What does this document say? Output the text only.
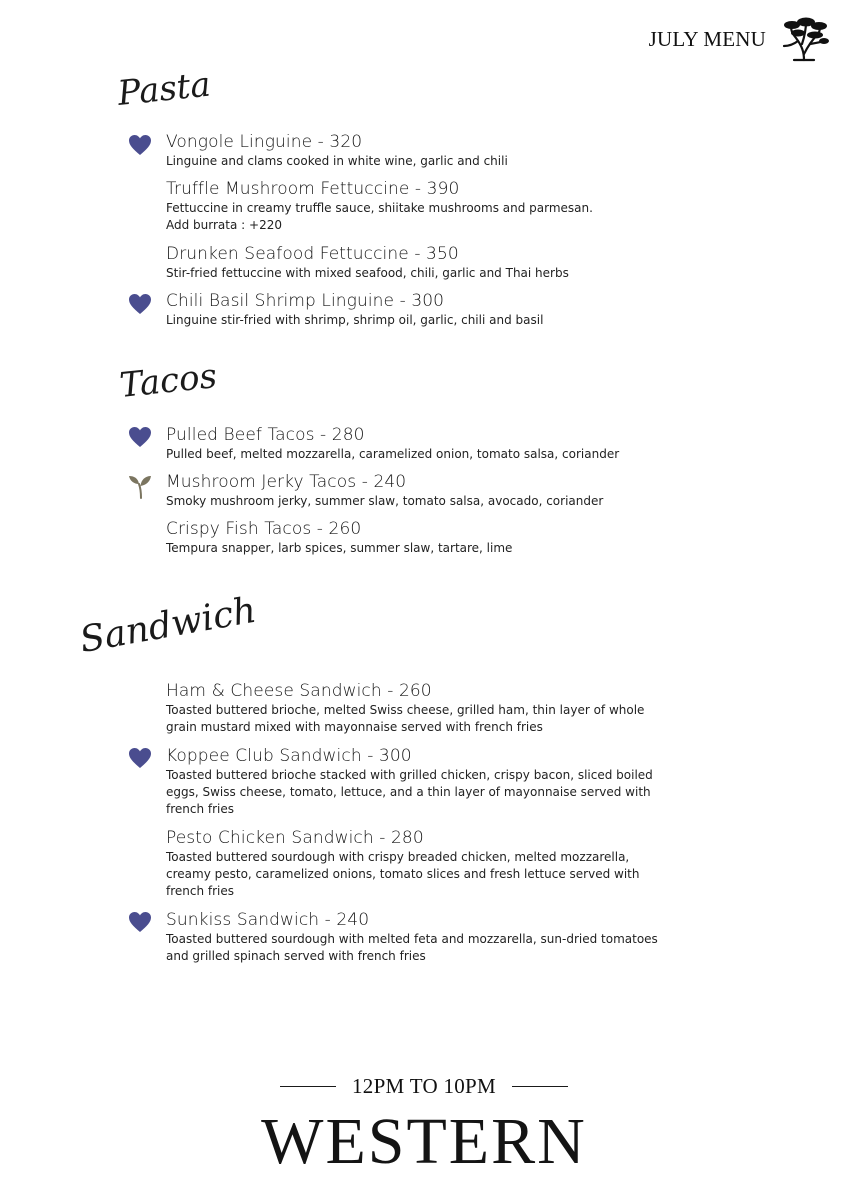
JULY MENU
Pasta
Vongole Linguine - 320
Linguine and clams cooked in white wine, garlic and chili
Truffle Mushroom Fettuccine - 390
Fettuccine in creamy truffle sauce, shiitake mushrooms and parmesan.
Add burrata : +220
Drunken Seafood Fettuccine - 350
Stir-fried fettuccine with mixed seafood, chili, garlic and Thai herbs
Chili Basil Shrimp Linguine - 300
Linguine stir-fried with shrimp, shrimp oil, garlic, chili and basil
Tacos
Pulled Beef Tacos - 280
Pulled beef, melted mozzarella, caramelized onion, tomato salsa, coriander
Mushroom Jerky Tacos - 240
Smoky mushroom jerky, summer slaw, tomato salsa, avocado, coriander
Crispy Fish Tacos - 260
Tempura snapper, larb spices, summer slaw, tartare, lime
Sandwich
Ham & Cheese Sandwich - 260
Toasted buttered brioche, melted Swiss cheese, grilled ham, thin layer of whole
grain mustard mixed with mayonnaise served with french fries
Koppee Club Sandwich - 300
Toasted buttered brioche stacked with grilled chicken, crispy bacon, sliced boiled
eggs, Swiss cheese, tomato, lettuce, and a thin layer of mayonnaise served with
french fries
Pesto Chicken Sandwich - 280
Toasted buttered sourdough with crispy breaded chicken, melted mozzarella,
creamy pesto, caramelized onions, tomato slices and fresh lettuce served with
french fries
Sunkiss Sandwich - 240
Toasted buttered sourdough with melted feta and mozzarella, sun-dried tomatoes
and grilled spinach served with french fries
12PM TO 10PM
WESTERN
